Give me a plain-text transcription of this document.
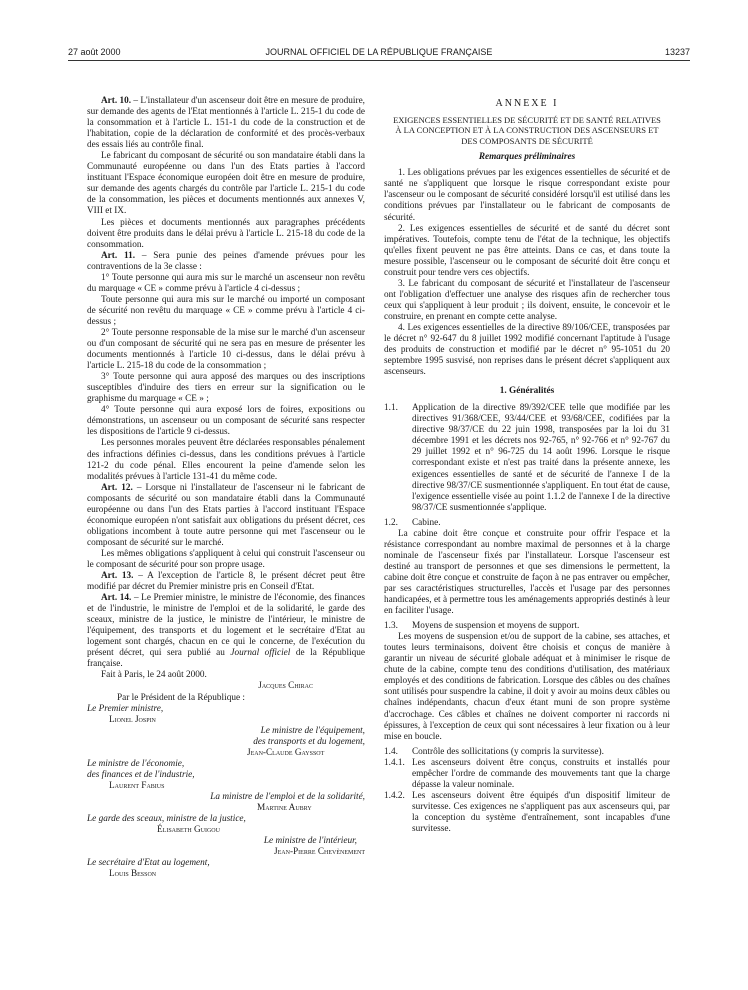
27 août 2000	JOURNAL OFFICIEL DE LA RÉPUBLIQUE FRANÇAISE	13237

Art. 10. – L'installateur d'un ascenseur doit être en mesure de produire, sur demande des agents de l'Etat mentionnés à l'article L. 215-1 du code de la consommation et à l'article L. 151-1 du code de la construction et de l'habitation, copie de la déclaration de conformité et des procès-verbaux des essais liés au contrôle final.

Le fabricant du composant de sécurité ou son mandataire établi dans la Communauté européenne ou dans l'un des Etats parties à l'accord instituant l'Espace économique européen doit être en mesure de produire, sur demande des agents chargés du contrôle par l'article L. 215-1 du code de la consommation, les pièces et documents mentionnés aux annexes V, VIII et IX.

Les pièces et documents mentionnés aux paragraphes précédents doivent être produits dans le délai prévu à l'article L. 215-18 du code de la consommation.

Art. 11. – Sera punie des peines d'amende prévues pour les contraventions de la 3e classe :

1° Toute personne qui aura mis sur le marché un ascenseur non revêtu du marquage « CE » comme prévu à l'article 4 ci-dessus ;

Toute personne qui aura mis sur le marché ou importé un composant de sécurité non revêtu du marquage « CE » comme prévu à l'article 4 ci-dessus ;

2° Toute personne responsable de la mise sur le marché d'un ascenseur ou d'un composant de sécurité qui ne sera pas en mesure de présenter les documents mentionnés à l'article 10 ci-dessus, dans le délai prévu à l'article L. 215-18 du code de la consommation ;

3° Toute personne qui aura apposé des marques ou des inscriptions susceptibles d'induire des tiers en erreur sur la signification ou le graphisme du marquage « CE » ;

4° Toute personne qui aura exposé lors de foires, expositions ou démonstrations, un ascenseur ou un composant de sécurité sans respecter les dispositions de l'article 9 ci-dessus.

Les personnes morales peuvent être déclarées responsables pénalement des infractions définies ci-dessus, dans les conditions prévues à l'article 121-2 du code pénal. Elles encourent la peine d'amende selon les modalités prévues à l'article 131-41 du même code.

Art. 12. – Lorsque ni l'installateur de l'ascenseur ni le fabricant de composants de sécurité ou son mandataire établi dans la Communauté européenne ou dans l'un des Etats parties à l'accord instituant l'Espace économique européen n'ont satisfait aux obligations du présent décret, ces obligations incombent à toute autre personne qui met l'ascenseur ou le composant de sécurité sur le marché.

Les mêmes obligations s'appliquent à celui qui construit l'ascenseur ou le composant de sécurité pour son propre usage.

Art. 13. – A l'exception de l'article 8, le présent décret peut être modifié par décret du Premier ministre pris en Conseil d'Etat.

Art. 14. – Le Premier ministre, le ministre de l'économie, des finances et de l'industrie, le ministre de l'emploi et de la solidarité, le garde des sceaux, ministre de la justice, le ministre de l'intérieur, le ministre de l'équipement, des transports et du logement et le secrétaire d'Etat au logement sont chargés, chacun en ce qui le concerne, de l'exécution du présent décret, qui sera publié au Journal officiel de la République française.

Fait à Paris, le 24 août 2000.

Jacques Chirac
Par le Président de la République :
Le Premier ministre,
Lionel Jospin
Le ministre de l'équipement,
des transports et du logement,
Jean-Claude Gayssot
Le ministre de l'économie,
des finances et de l'industrie,
Laurent Fabius
La ministre de l'emploi et de la solidarité,
Martine Aubry
Le garde des sceaux, ministre de la justice,
Élisabeth Guigou
Le ministre de l'intérieur,
Jean-Pierre Chevènement
Le secrétaire d'Etat au logement,
Louis Besson
ANNEXE I
EXIGENCES ESSENTIELLES DE SÉCURITÉ ET DE SANTÉ RELATIVES À LA CONCEPTION ET À LA CONSTRUCTION DES ASCENSEURS ET DES COMPOSANTS DE SÉCURITÉ
Remarques préliminaires

1. Les obligations prévues par les exigences essentielles de sécurité et de santé ne s'appliquent que lorsque le risque correspondant existe pour l'ascenseur ou le composant de sécurité considéré lorsqu'il est utilisé dans les conditions prévues par l'installateur ou le fabricant de composants de sécurité.

2. Les exigences essentielles de sécurité et de santé du décret sont impératives. Toutefois, compte tenu de l'état de la technique, les objectifs qu'elles fixent peuvent ne pas être atteints. Dans ce cas, et dans toute la mesure possible, l'ascenseur ou le composant de sécurité doit être conçu et construit pour tendre vers ces objectifs.

3. Le fabricant du composant de sécurité et l'installateur de l'ascenseur ont l'obligation d'effectuer une analyse des risques afin de rechercher tous ceux qui s'appliquent à leur produit ; ils doivent, ensuite, le concevoir et le construire, en prenant en compte cette analyse.

4. Les exigences essentielles de la directive 89/106/CEE, transposées par le décret n° 92-647 du 8 juillet 1992 modifié concernant l'aptitude à l'usage des produits de construction et modifié par le décret n° 95-1051 du 20 septembre 1995 susvisé, non reprises dans le présent décret s'appliquent aux ascenseurs.

1. Généralités
1.1.	Application de la directive 89/392/CEE telle que modifiée par les directives 91/368/CEE, 93/44/CEE et 93/68/CEE, codifiées par la directive 98/37/CE du 22 juin 1998, transposées par la loi du 31 décembre 1991 et les décrets nos 92-765, n° 92-766 et n° 92-767 du 29 juillet 1992 et n° 96-725 du 14 août 1996. Lorsque le risque correspondant existe et n'est pas traité dans la présente annexe, les exigences essentielles de santé et de sécurité de l'annexe I de la directive 98/37/CE susmentionnée s'appliquent. En tout état de cause, l'exigence essentielle visée au point 1.1.2 de l'annexe I de la directive 98/37/CE susmentionnée s'applique.
1.2.	Cabine.

La cabine doit être conçue et construite pour offrir l'espace et la résistance correspondant au nombre maximal de personnes et à la charge nominale de l'ascenseur fixés par l'installateur. Lorsque l'ascenseur est destiné au transport de personnes et que ses dimensions le permettent, la cabine doit être conçue et construite de façon à ne pas entraver ou empêcher, par ses caractéristiques structurelles, l'accès et l'usage par des personnes handicapées, et à permettre tous les aménagements appropriés destinés à leur en faciliter l'usage.

1.3.	Moyens de suspension et moyens de support.

Les moyens de suspension et/ou de support de la cabine, ses attaches, et toutes leurs terminaisons, doivent être choisis et conçus de manière à garantir un niveau de sécurité globale adéquat et à minimiser le risque de chute de la cabine, compte tenu des conditions d'utilisation, des matériaux employés et des conditions de fabrication. Lorsque des câbles ou des chaînes sont utilisés pour suspendre la cabine, il doit y avoir au moins deux câbles ou chaînes indépendants, chacun d'eux étant muni de son propre système d'accrochage. Ces câbles et chaînes ne doivent comporter ni raccords ni épissures, à l'exception de ceux qui sont nécessaires à leur fixation ou à leur mise en boucle.

1.4.	Contrôle des sollicitations (y compris la survitesse).
1.4.1. Les ascenseurs doivent être conçus, construits et installés pour empêcher l'ordre de commande des mouvements tant que la charge dépasse la valeur nominale.
1.4.2. Les ascenseurs doivent être équipés d'un dispositif limiteur de survitesse. Ces exigences ne s'appliquent pas aux ascenseurs qui, par la conception du système d'entraînement, sont incapables d'une survitesse.
